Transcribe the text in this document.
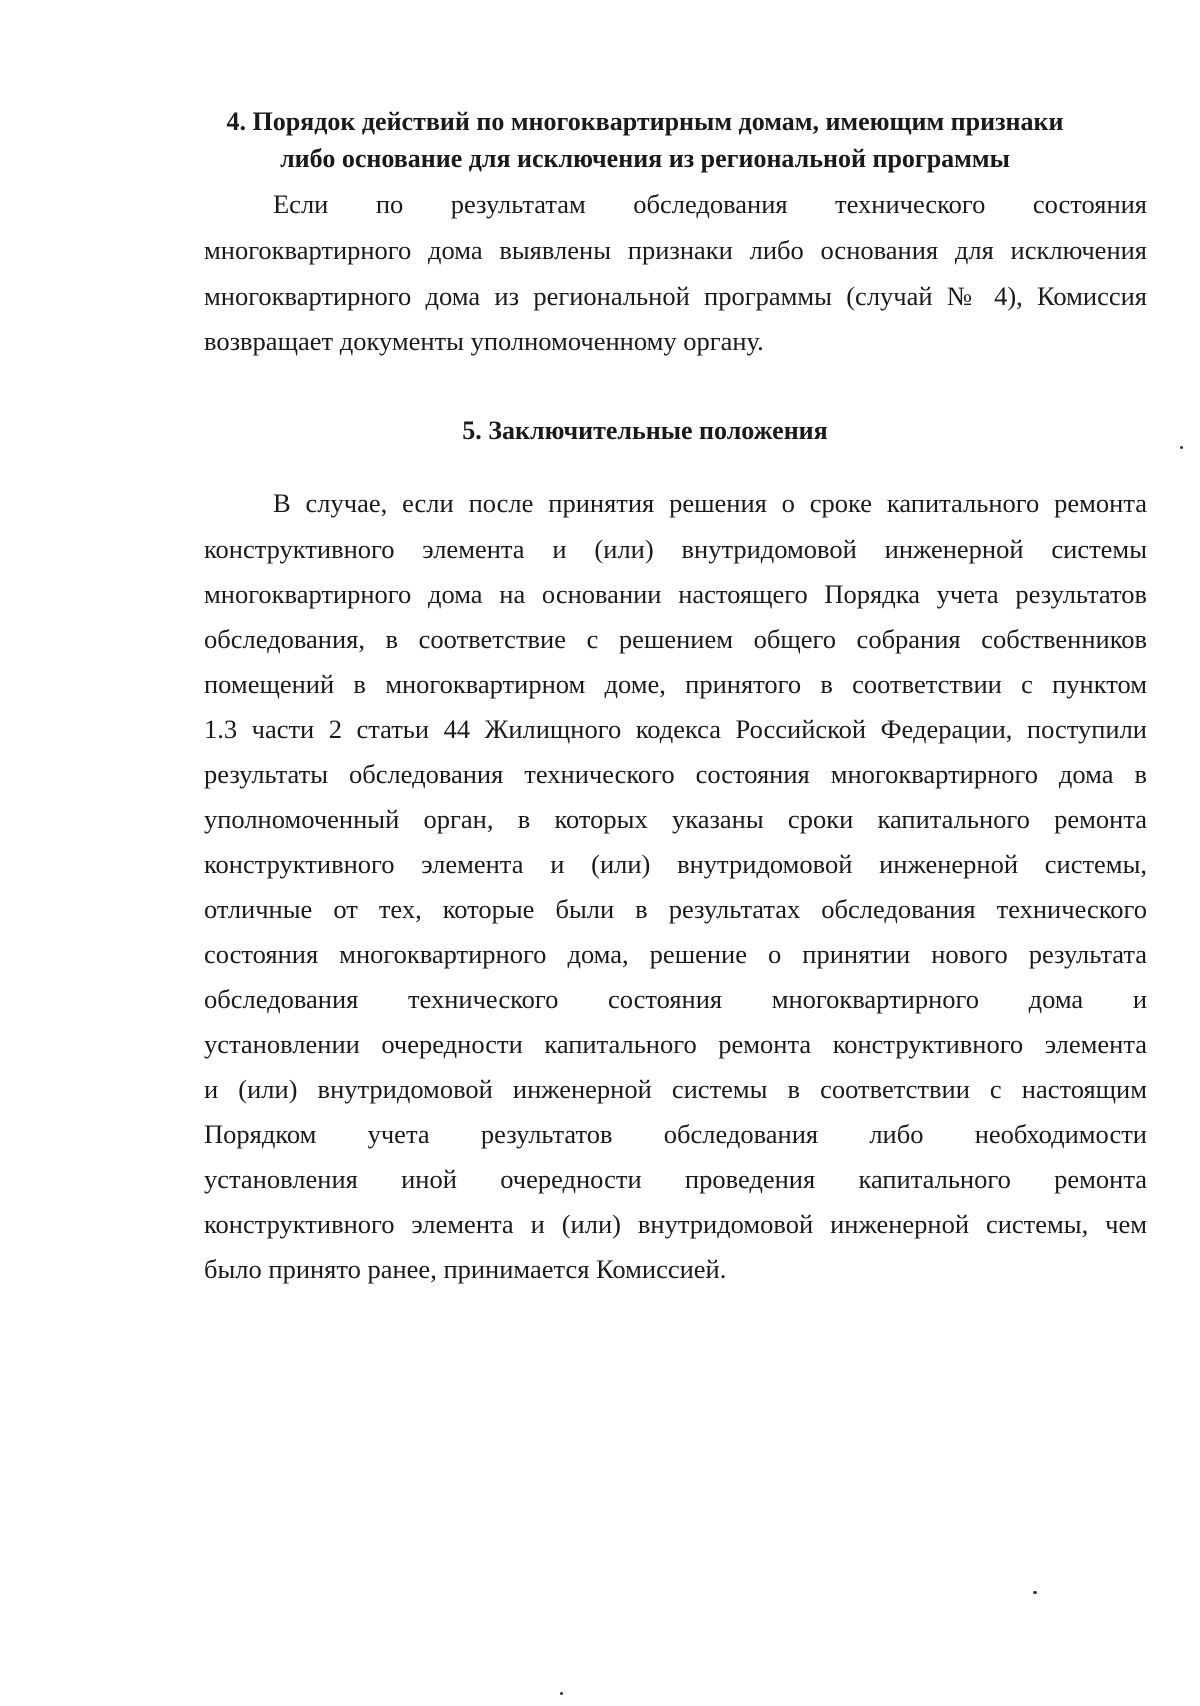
4. Порядок действий по многоквартирным домам, имеющим признаки
либо основание для исключения из региональной программы
Если по результатам обследования технического состояния
многоквартирного дома выявлены признаки либо основания для исключения
многоквартирного дома из региональной программы (случай № 4), Комиссия
возвращает документы уполномоченному органу.
5. Заключительные положения
В случае, если после принятия решения о сроке капитального ремонта
конструктивного элемента и (или) внутридомовой инженерной системы
многоквартирного дома на основании настоящего Порядка учета результатов
обследования, в соответствие с решением общего собрания собственников
помещений в многоквартирном доме, принятого в соответствии с пунктом
1.3 части 2 статьи 44 Жилищного кодекса Российской Федерации, поступили
результаты обследования технического состояния многоквартирного дома в
уполномоченный орган, в которых указаны сроки капитального ремонта
конструктивного элемента и (или) внутридомовой инженерной системы,
отличные от тех, которые были в результатах обследования технического
состояния многоквартирного дома, решение о принятии нового результата
обследования технического состояния многоквартирного дома и
установлении очередности капитального ремонта конструктивного элемента
и (или) внутридомовой инженерной системы в соответствии с настоящим
Порядком учета результатов обследования либо необходимости
установления иной очередности проведения капитального ремонта
конструктивного элемента и (или) внутридомовой инженерной системы, чем
было принято ранее, принимается Комиссией.
